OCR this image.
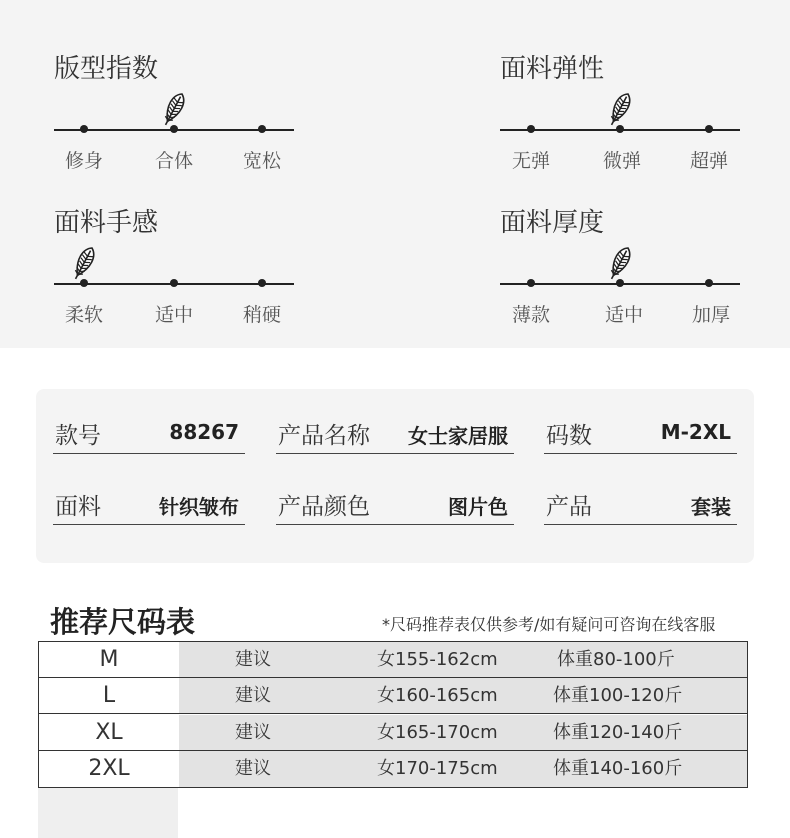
版型指数
修身	合体	宽松
面料弹性
无弹	微弹	超弹
面料手感
柔软	适中	稍硬
面料厚度
薄款	适中	加厚
款号	88267 产品名称 女士家居服 码数	M-2XL
面料	针织皱布 产品颜色	图片色 产品	套装
推荐尺码表	*尺码推荐表仅供参考/如有疑问可咨询在线客服
M	建议	女155-162cm	体重80-100斤
L	建议	女160-165cm	体重100-120斤
XL	建议	女165-170cm	体重120-140斤
2XL	建议	女170-175cm	体重140-160斤
